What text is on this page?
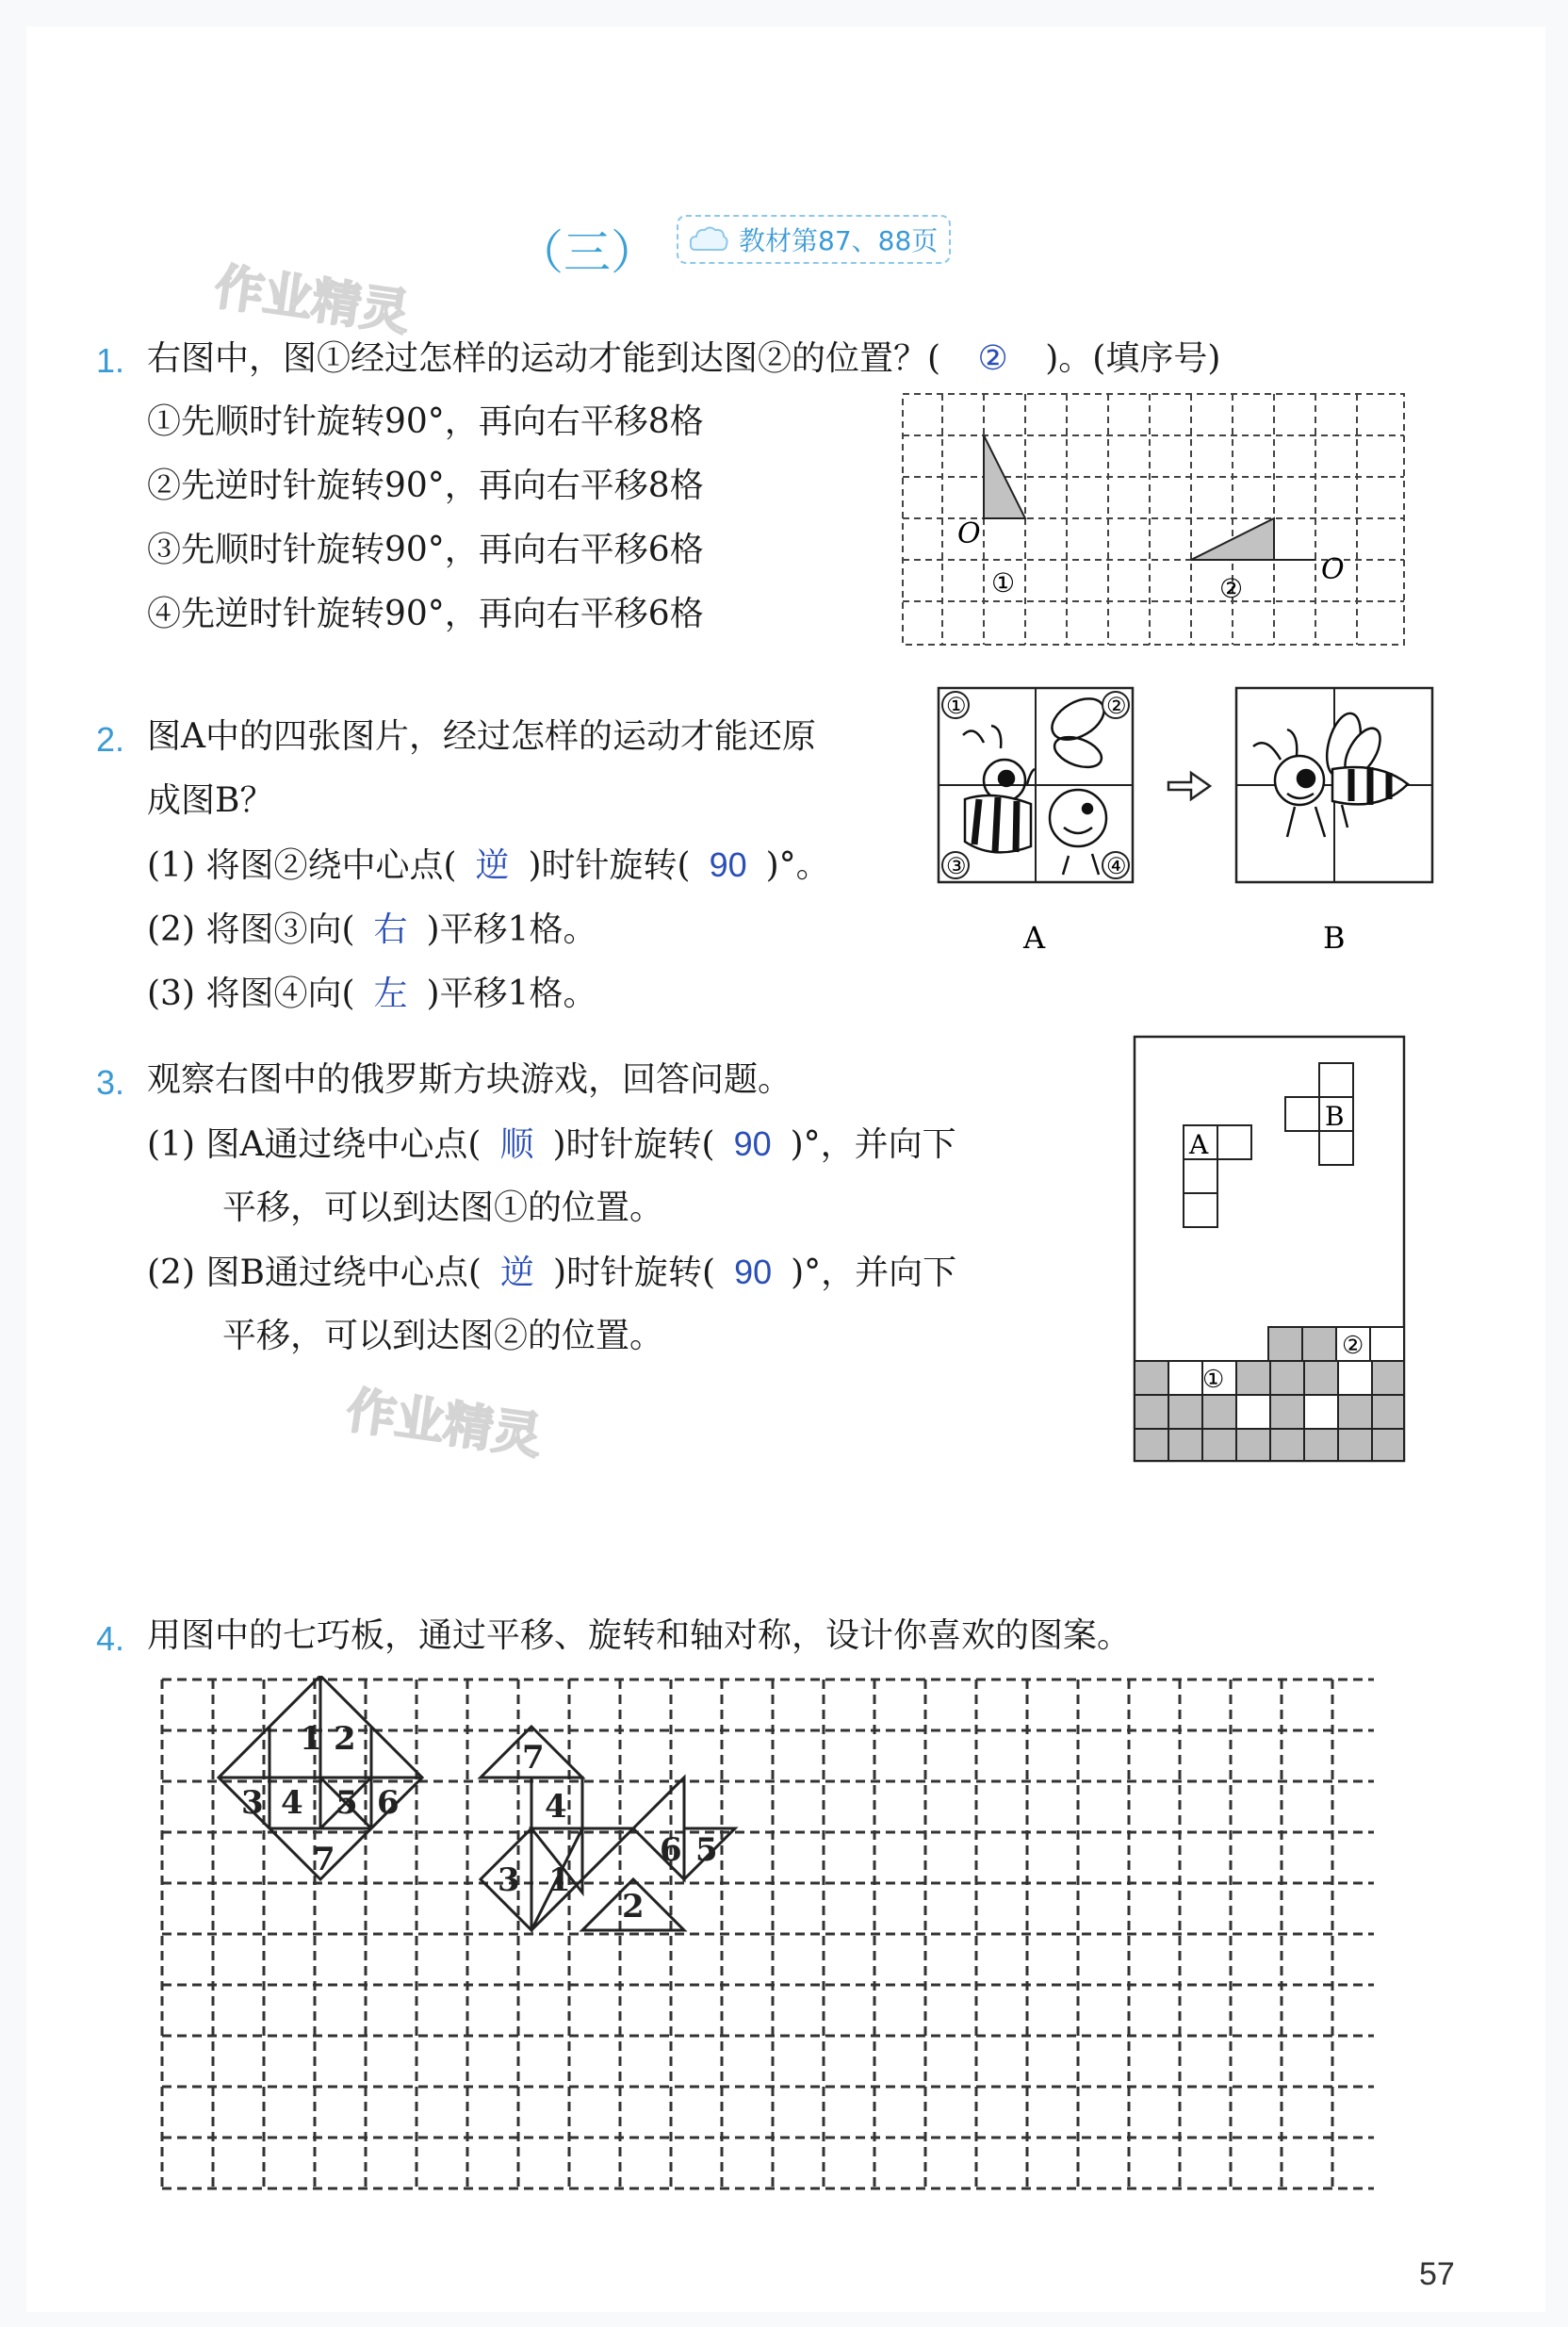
（三）	教材第87、88页
作业精灵
1. 右图中，图①经过怎样的运动才能到达图②的位置？( ② )。(填序号)
①先顺时针旋转90°，再向右平移8格
②先逆时针旋转90°，再向右平移8格
③先顺时针旋转90°，再向右平移6格
④先逆时针旋转90°，再向右平移6格
O
O
①	②
2. 图A中的四张图片，经过怎样的运动才能还原
成图B？
(1) 将图②绕中心点( 逆 )时针旋转( 90 )°。
(2) 将图③向( 右 )平移1格。
(3) 将图④向( 左 )平移1格。
①	②
③	④
A	B
3. 观察右图中的俄罗斯方块游戏，回答问题。
(1) 图A通过绕中心点( 顺 )时针旋转( 90 )°，并向下
平移，可以到达图①的位置。
(2) 图B通过绕中心点( 逆 )时针旋转( 90 )°，并向下
平移，可以到达图②的位置。
作业精灵
A
B
①
②
4. 用图中的七巧板，通过平移、旋转和轴对称，设计你喜欢的图案。
1 2
3 4 5 6
7
7
4
3 1
2
6 5
57
